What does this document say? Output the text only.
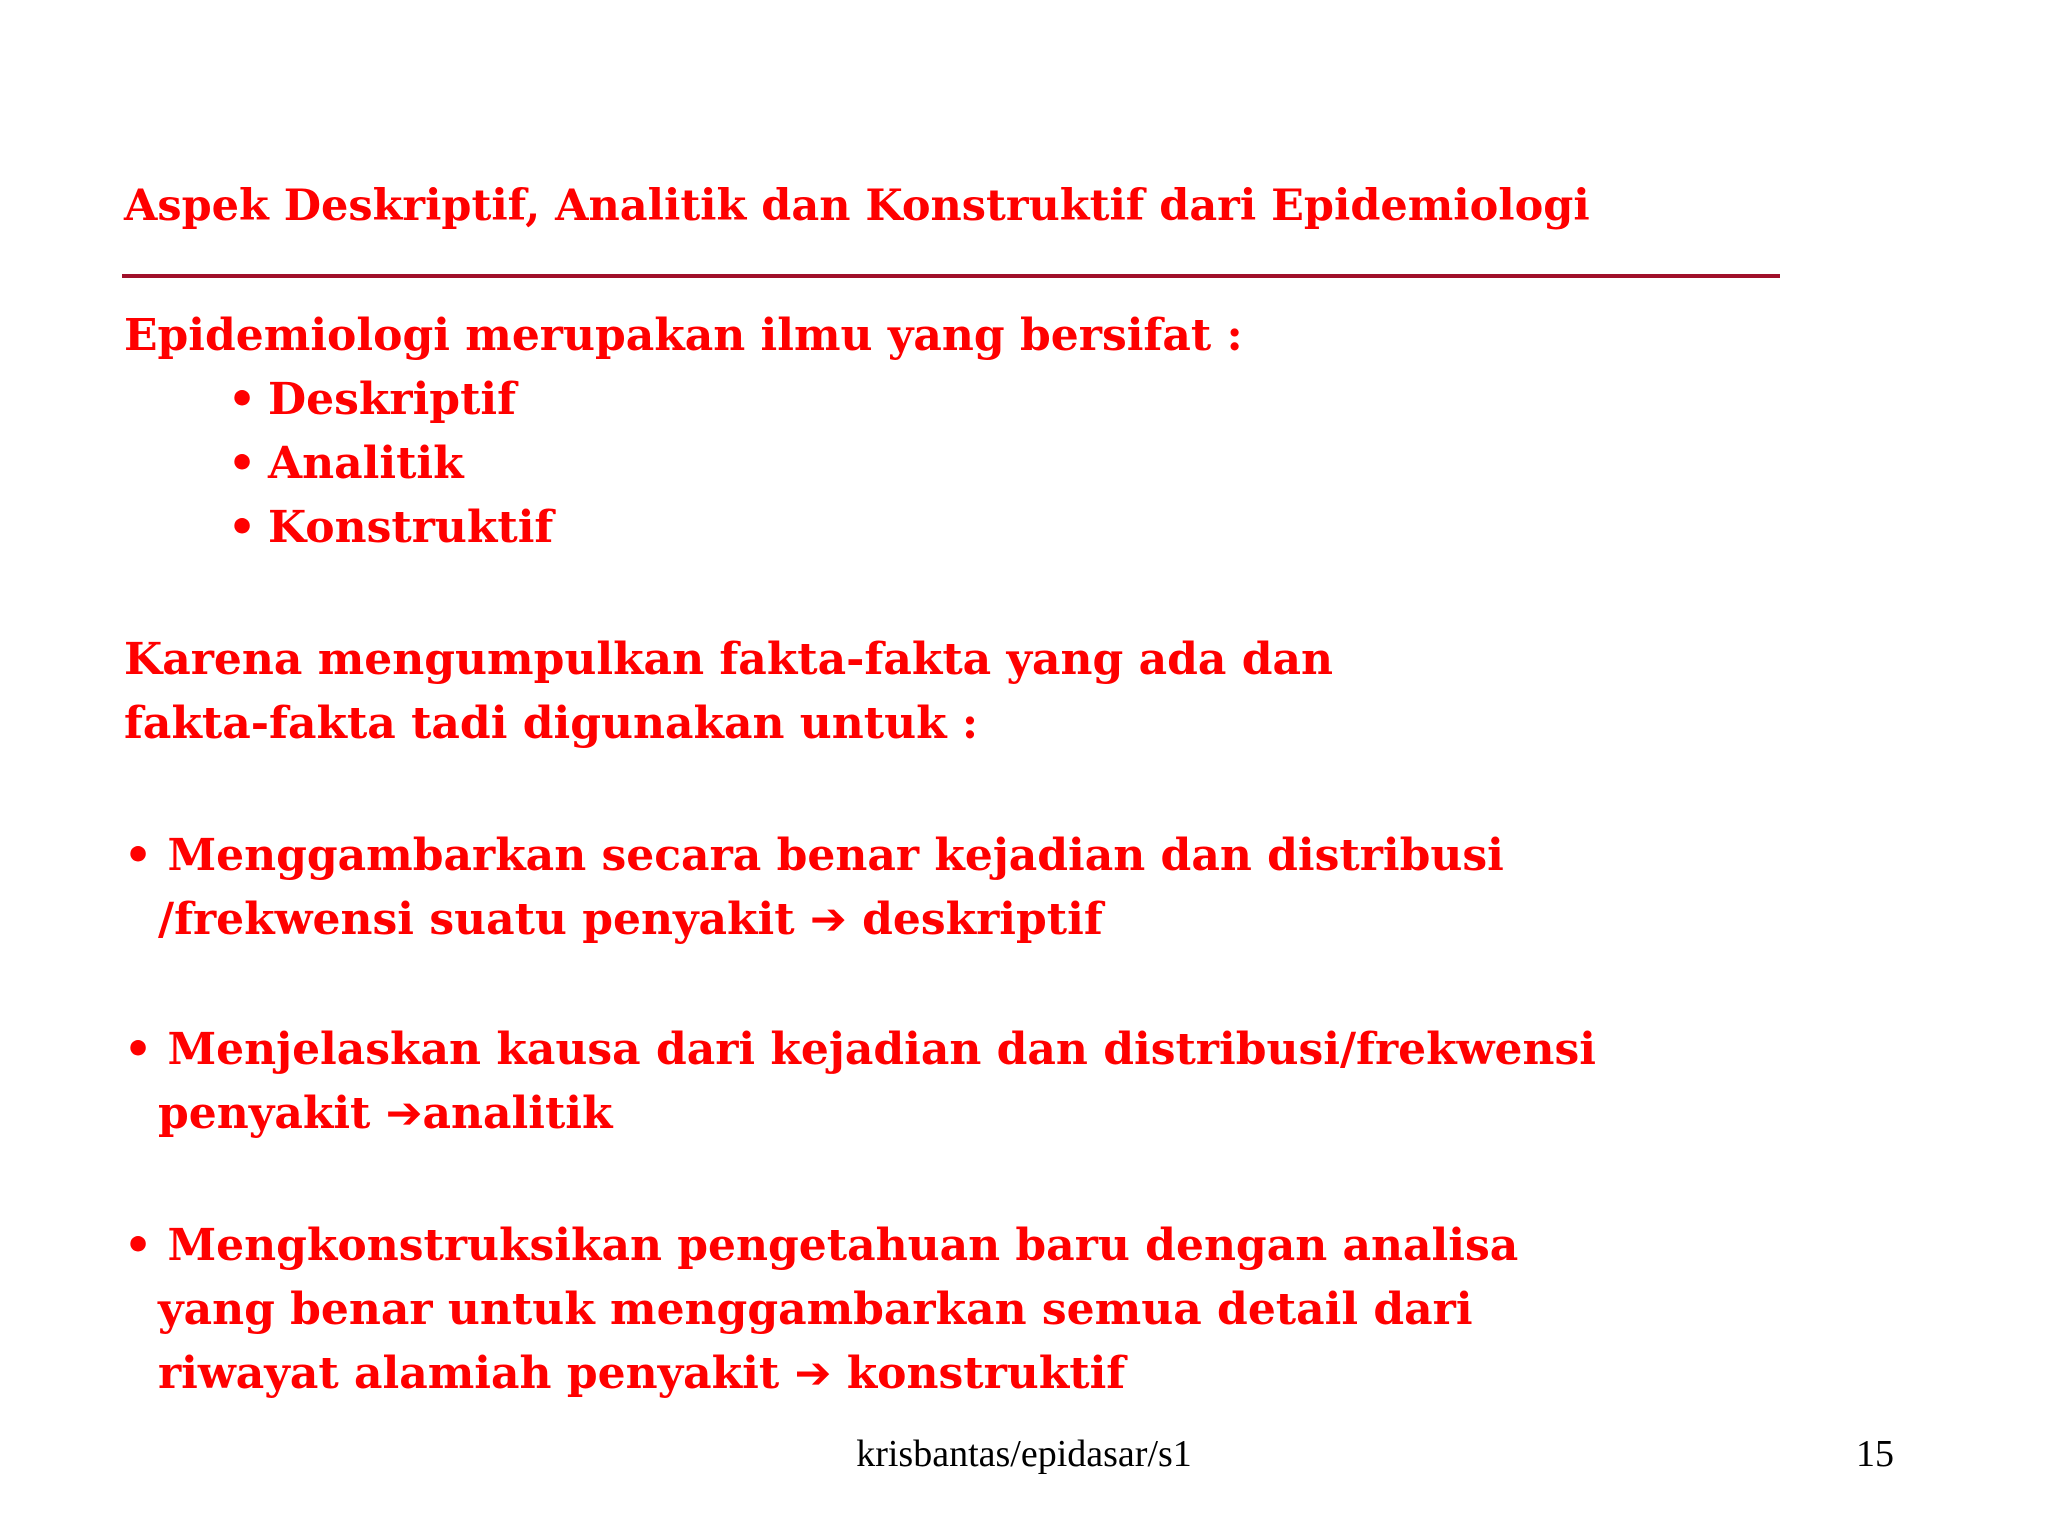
Aspek Deskriptif, Analitik dan Konstruktif dari Epidemiologi

Epidemiologi merupakan ilmu yang bersifat :

• Deskriptif
• Analitik
• Konstruktif
Karena mengumpulkan fakta-fakta yang ada dan
fakta-fakta tadi digunakan untuk :
• Menggambarkan secara benar kejadian dan distribusi
/frekwensi suatu penyakit ➔ deskriptif
• Menjelaskan kausa dari kejadian dan distribusi/frekwensi
penyakit ➔analitik
• Mengkonstruksikan pengetahuan baru dengan analisa
yang benar untuk menggambarkan semua detail dari
riwayat alamiah penyakit ➔ konstruktif
krisbantas/epidasar/s1	15
